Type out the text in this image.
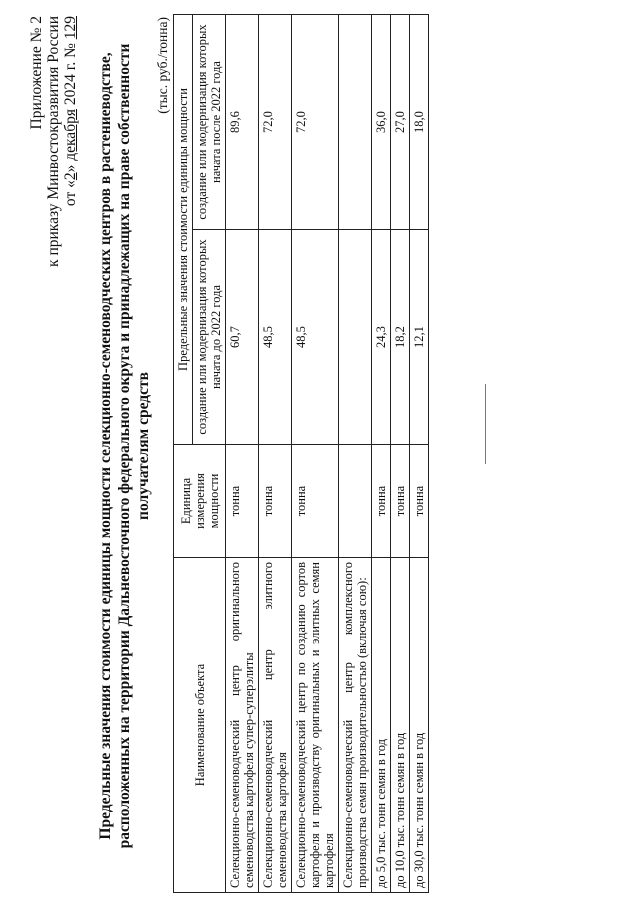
Приложение № 2 к приказу Минвостокразвития России от «2» декабря 2024 г. № 129
Предельные значения стоимости единицы мощности селекционно-семеноводческих центров в растениеводстве, расположенных на территории Дальневосточного федерального округа и принадлежащих на праве собственности получателям средств
(тыс. руб./тонна)
Наименование объекта	Единица измерения мощности	Предельные значения стоимости единицы мощности	
		создание или модернизация которых начата до 2022 года	создание или модернизация которых начата после 2022 года
Селекционно-семеноводческий центр оригинального семеноводства картофеля супер-суперэлиты	тонна	60,7	89,6
Селекционно-семеноводческий центр элитного семеноводства картофеля	тонна	48,5	72,0
Селекционно-семеноводческий центр по созданию сортов картофеля и производству оригинальных и элитных семян картофеля	тонна	48,5	72,0
Селекционно-семеноводческий центр комплексного производства семян производительностью (включая сою):			
до 5,0 тыс. тонн семян в год	тонна	24,3	36,0
до 10,0 тыс. тонн семян в год	тонна	18,2	27,0
до 30,0 тыс. тонн семян в год	тонна	12,1	18,0
